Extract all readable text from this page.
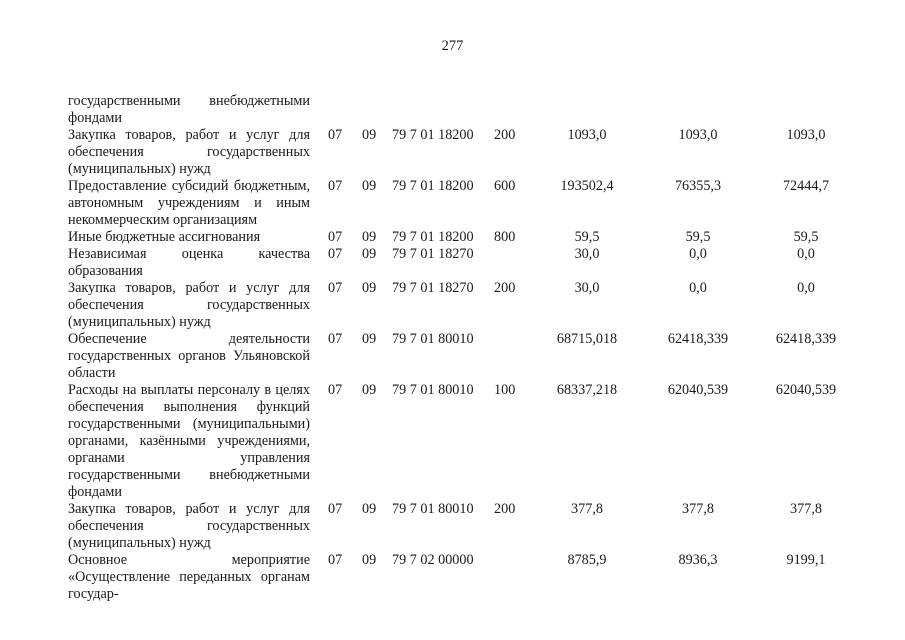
277
государственными внебюджетными фондами							
Закупка товаров, работ и услуг для обеспечения государственных (муниципальных) нужд	07	09	79 7 01 18200	200	1093,0	1093,0	1093,0
Предоставление субсидий бюджетным, автономным учреждениям и иным некоммерческим организациям	07	09	79 7 01 18200	600	193502,4	76355,3	72444,7
Иные бюджетные ассигнования	07	09	79 7 01 18200	800	59,5	59,5	59,5
Независимая оценка качества образования	07	09	79 7 01 18270		30,0	0,0	0,0
Закупка товаров, работ и услуг для обеспечения государственных (муниципальных) нужд	07	09	79 7 01 18270	200	30,0	0,0	0,0
Обеспечение деятельности государственных органов Ульяновской области	07	09	79 7 01 80010		68715,018	62418,339	62418,339
Расходы на выплаты персоналу в целях обеспечения выполнения функций государственными (муниципальными) органами, казёнными учреждениями, органами управления государственными внебюджетными фондами	07	09	79 7 01 80010	100	68337,218	62040,539	62040,539
Закупка товаров, работ и услуг для обеспечения государственных (муниципальных) нужд	07	09	79 7 01 80010	200	377,8	377,8	377,8
Основное мероприятие «Осуществление переданных органам государ-	07	09	79 7 02 00000		8785,9	8936,3	9199,1
